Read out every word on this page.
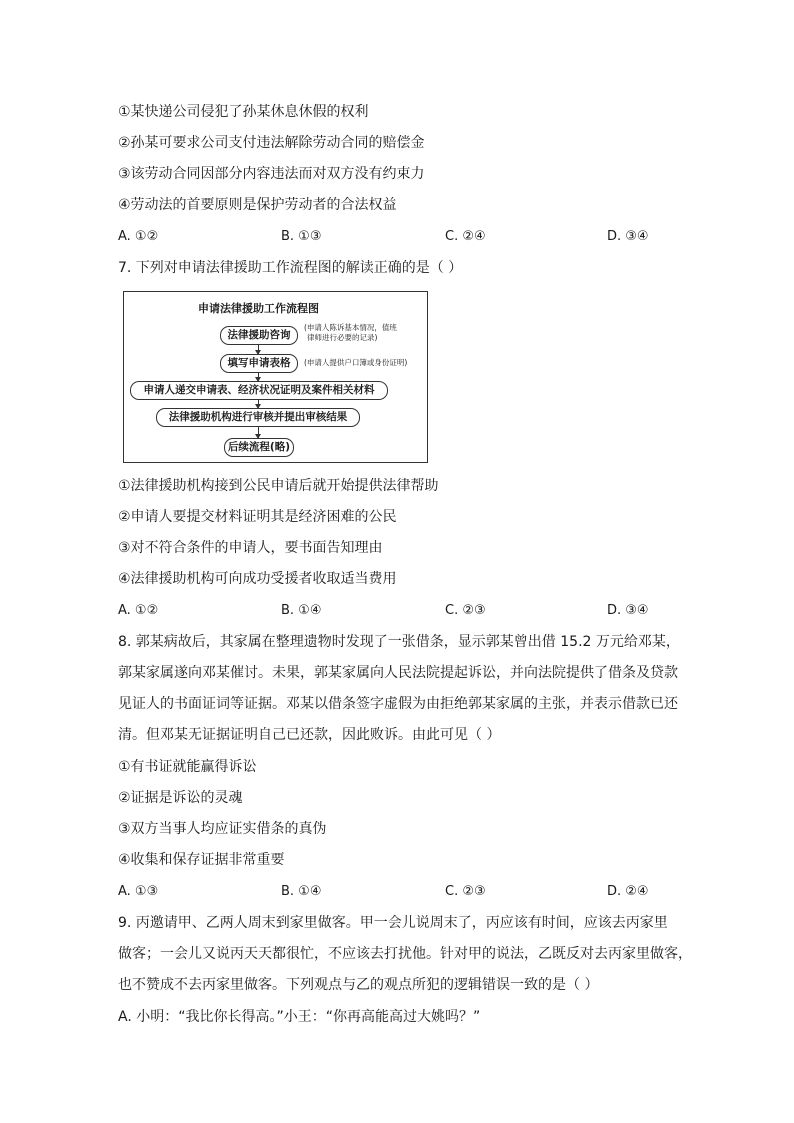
①某快递公司侵犯了孙某休息休假的权利
②孙某可要求公司支付违法解除劳动合同的赔偿金
③该劳动合同因部分内容违法而对双方没有约束力
④劳动法的首要原则是保护劳动者的合法权益
A. ①②	B. ①③	C. ②④	D. ③④
7. 下列对申请法律援助工作流程图的解读正确的是（ ）
申请法律援助工作流程图
法律援助咨询
(申请人陈诉基本情况，值班
律师进行必要的记录)
填写申请表格	(申请人提供户口簿或身份证明)
申请人递交申请表、经济状况证明及案件相关材料
法律援助机构进行审核并提出审核结果
后续流程(略)
①法律援助机构接到公民申请后就开始提供法律帮助
②申请人要提交材料证明其是经济困难的公民
③对不符合条件的申请人，要书面告知理由
④法律援助机构可向成功受援者收取适当费用
A. ①②	B. ①④	C. ②③	D. ③④
8. 郭某病故后，其家属在整理遗物时发现了一张借条，显示郭某曾出借 15.2 万元给邓某，
郭某家属遂向邓某催讨。未果，郭某家属向人民法院提起诉讼，并向法院提供了借条及贷款
见证人的书面证词等证据。邓某以借条签字虚假为由拒绝郭某家属的主张，并表示借款已还
清。但邓某无证据证明自己已还款，因此败诉。由此可见（ ）
①有书证就能赢得诉讼
②证据是诉讼的灵魂
③双方当事人均应证实借条的真伪
④收集和保存证据非常重要
A. ①③	B. ①④	C. ②③	D. ②④
9. 丙邀请甲、乙两人周末到家里做客。甲一会儿说周末了，丙应该有时间，应该去丙家里
做客；一会儿又说丙天天都很忙，不应该去打扰他。针对甲的说法，乙既反对去丙家里做客，
也不赞成不去丙家里做客。下列观点与乙的观点所犯的逻辑错误一致的是（ ）
A. 小明：“我比你长得高。”小王：“你再高能高过大姚吗？”
